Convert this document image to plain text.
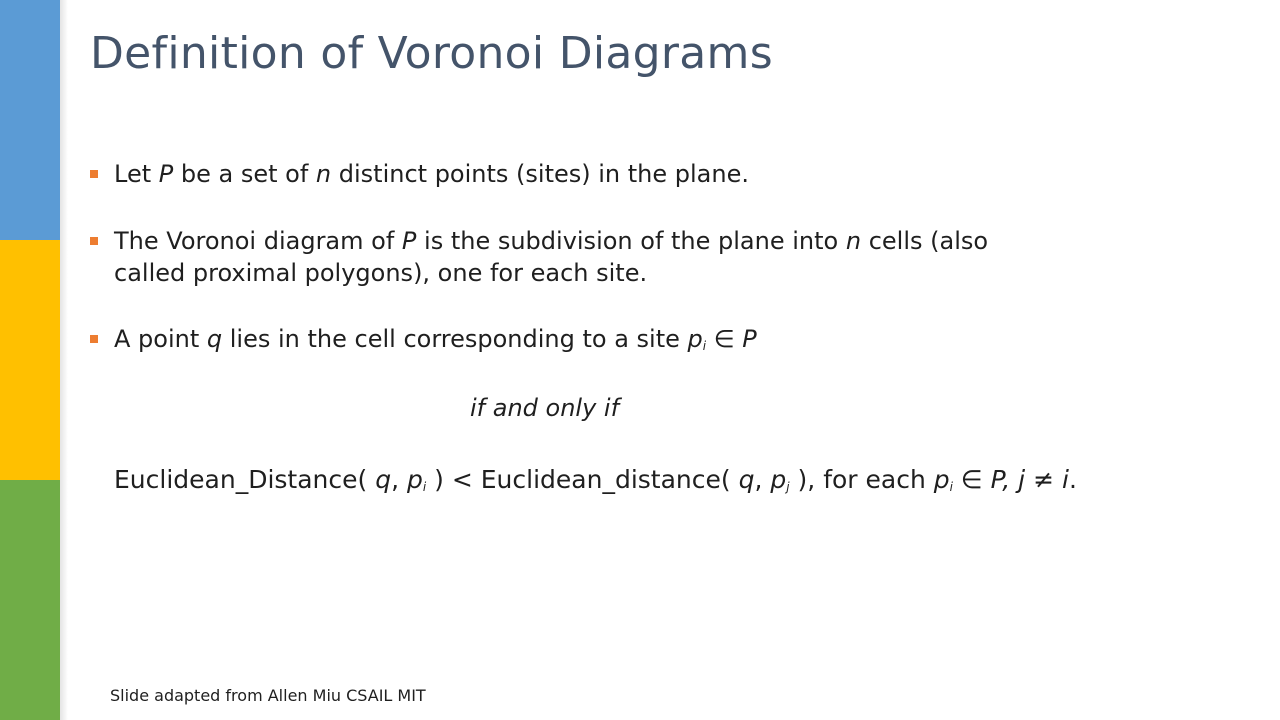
Definition of Voronoi Diagrams
Let P be a set of n distinct points (sites) in the plane.
The Voronoi diagram of P is the subdivision of the plane into n cells (also
called proximal polygons), one for each site.
A point q lies in the cell corresponding to a site $p_i$ ∈ P
if and only if
Euclidean_Distance( q, $p_i$ ) < Euclidean_distance( q, $p_j$ ), for each $p_i$ ∈ P, j ≠ i.
Slide adapted from Allen Miu CSAIL MIT
